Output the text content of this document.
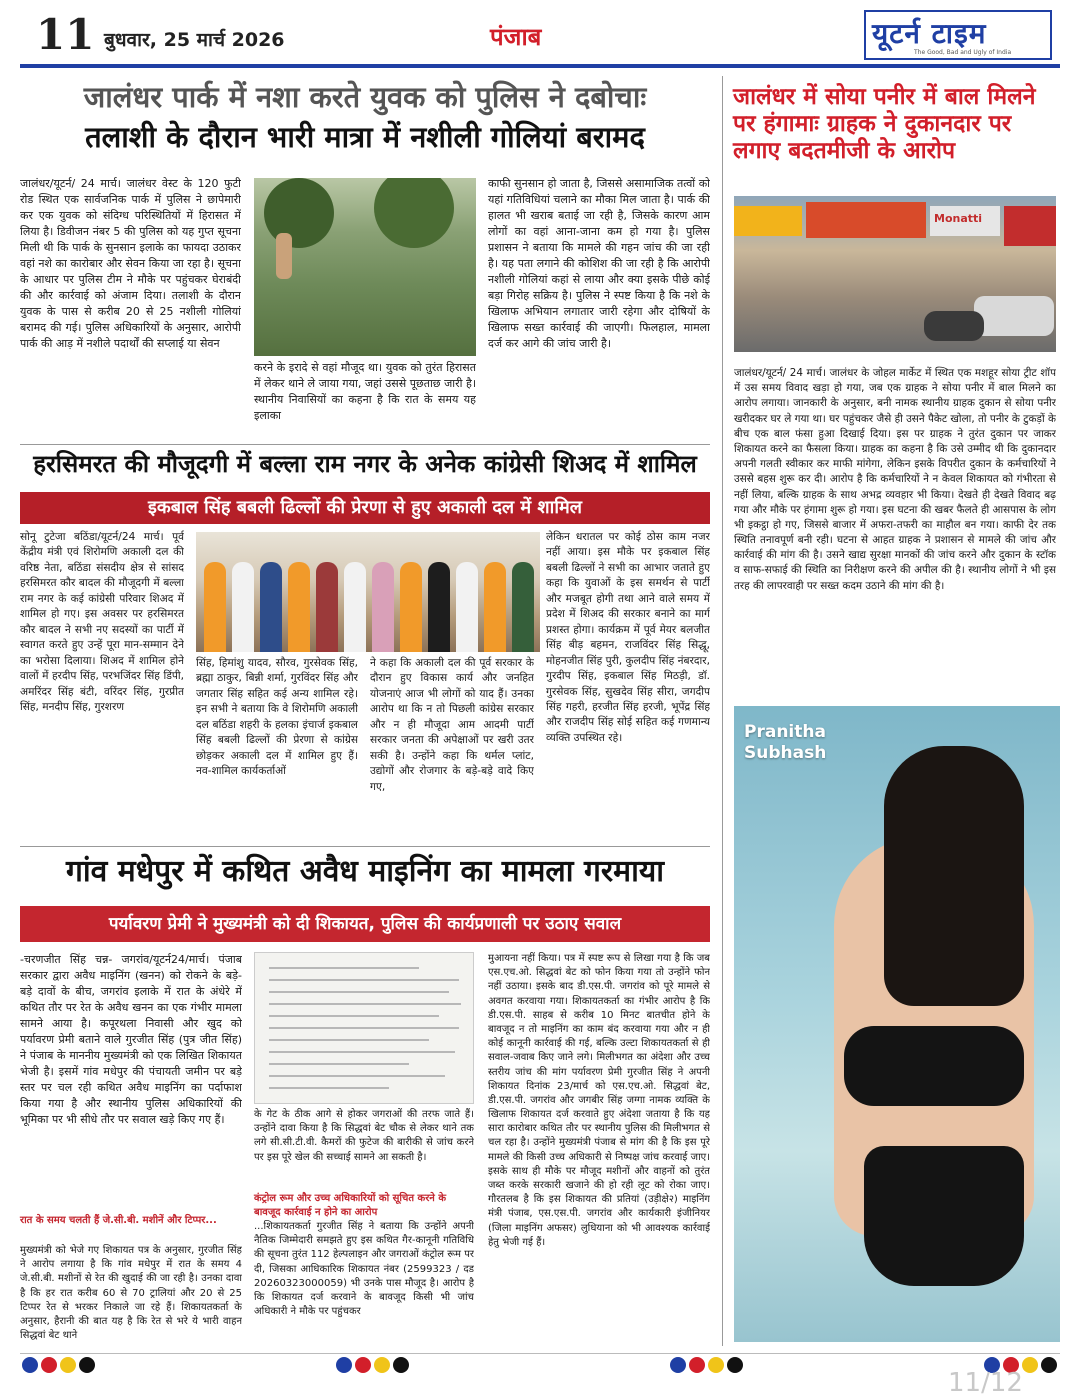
11 बुधवार, 25 मार्च 2026	पंजाब	यूटर्न टाइम
The Good, Bad and Ugly of India
जालंधर पार्क में नशा करते युवक को पुलिस ने दबोचाः
तलाशी के दौरान भारी मात्रा में नशीली गोलियां बरामद
जालंधर/यूटर्न/ 24 मार्च। जालंधर वेस्ट के 120 फुटी रोड स्थित एक सार्वजनिक पार्क में पुलिस ने छापेमारी कर एक युवक को संदिग्ध परिस्थितियों में हिरासत में लिया है। डिवीजन नंबर 5 की पुलिस को यह गुप्त सूचना मिली थी कि पार्क के सुनसान इलाके का फायदा उठाकर वहां नशे का कारोबार और सेवन किया जा रहा है। सूचना के आधार पर पुलिस टीम ने मौके पर पहुंचकर घेराबंदी की और कार्रवाई को अंजाम दिया। तलाशी के दौरान युवक के पास से करीब 20 से 25 नशीली गोलियां बरामद की गई। पुलिस अधिकारियों के अनुसार, आरोपी पार्क की आड़ में नशीले पदार्थों की सप्लाई या सेवन
करने के इरादे से वहां मौजूद था। युवक को तुरंत हिरासत में लेकर थाने ले जाया गया, जहां उससे पूछताछ जारी है। स्थानीय निवासियों का कहना है कि रात के समय यह इलाका
काफी सुनसान हो जाता है, जिससे असामाजिक तत्वों को यहां गतिविधियां चलाने का मौका मिल जाता है। पार्क की हालत भी खराब बताई जा रही है, जिसके कारण आम लोगों का वहां आना-जाना कम हो गया है। पुलिस प्रशासन ने बताया कि मामले की गहन जांच की जा रही है। यह पता लगाने की कोशिश की जा रही है कि आरोपी नशीली गोलियां कहां से लाया और क्या इसके पीछे कोई बड़ा गिरोह सक्रिय है। पुलिस ने स्पष्ट किया है कि नशे के खिलाफ अभियान लगातार जारी रहेगा और दोषियों के खिलाफ सख्त कार्रवाई की जाएगी। फिलहाल, मामला दर्ज कर आगे की जांच जारी है।
जालंधर में सोया पनीर में बाल मिलने पर हंगामाः ग्राहक ने दुकानदार पर लगाए बदतमीजी के आरोप
Monatti
जालंधर/यूटर्न/ 24 मार्च। जालंधर के जोहल मार्केट में स्थित एक मशहूर सोया ट्रीट शॉप में उस समय विवाद खड़ा हो गया, जब एक ग्राहक ने सोया पनीर में बाल मिलने का आरोप लगाया। जानकारी के अनुसार, बनी नामक स्थानीय ग्राहक दुकान से सोया पनीर खरीदकर घर ले गया था। घर पहुंचकर जैसे ही उसने पैकेट खोला, तो पनीर के टुकड़ों के बीच एक बाल फंसा हुआ दिखाई दिया। इस पर ग्राहक ने तुरंत दुकान पर जाकर शिकायत करने का फैसला किया। ग्राहक का कहना है कि उसे उम्मीद थी कि दुकानदार अपनी गलती स्वीकार कर माफी मांगेगा, लेकिन इसके विपरीत दुकान के कर्मचारियों ने उससे बहस शुरू कर दी। आरोप है कि कर्मचारियों ने न केवल शिकायत को गंभीरता से नहीं लिया, बल्कि ग्राहक के साथ अभद्र व्यवहार भी किया। देखते ही देखते विवाद बढ़ गया और मौके पर हंगामा शुरू हो गया। इस घटना की खबर फैलते ही आसपास के लोग भी इकट्ठा हो गए, जिससे बाजार में अफरा-तफरी का माहौल बन गया। काफी देर तक स्थिति तनावपूर्ण बनी रही। घटना से आहत ग्राहक ने प्रशासन से मामले की जांच और कार्रवाई की मांग की है। उसने खाद्य सुरक्षा मानकों की जांच करने और दुकान के स्टॉक व साफ-सफाई की स्थिति का निरीक्षण करने की अपील की है। स्थानीय लोगों ने भी इस तरह की लापरवाही पर सख्त कदम उठाने की मांग की है।
Pranitha
Subhash
हरसिमरत की मौजूदगी में बल्ला राम नगर के अनेक कांग्रेसी शिअद में शामिल
इकबाल सिंह बबली ढिल्लों की प्रेरणा से हुए अकाली दल में शामिल
सोनू टुटेजा बठिंडा/यूटर्न/24 मार्च। पूर्व केंद्रीय मंत्री एवं शिरोमणि अकाली दल की वरिष्ठ नेता, बठिंडा संसदीय क्षेत्र से सांसद हरसिमरत कौर बादल की मौजूदगी में बल्ला राम नगर के कई कांग्रेसी परिवार शिअद में शामिल हो गए। इस अवसर पर हरसिमरत कौर बादल ने सभी नए सदस्यों का पार्टी में स्वागत करते हुए उन्हें पूरा मान-सम्मान देने का भरोसा दिलाया। शिअद में शामिल होने वालों में हरदीप सिंह, परभजिंदर सिंह डिंपी, अमरिंदर सिंह बंटी, वरिंदर सिंह, गुरप्रीत सिंह, मनदीप सिंह, गुरशरण
सिंह, हिमांशु यादव, सौरव, गुरसेवक सिंह, ब्रह्मा ठाकुर, बिन्नी शर्मा, गुरविंदर सिंह और जगतार सिंह सहित कई अन्य शामिल रहे। इन सभी ने बताया कि वे शिरोमणि अकाली दल बठिंडा शहरी के हलका इंचार्ज इकबाल सिंह बबली ढिल्लों की प्रेरणा से कांग्रेस छोड़कर अकाली दल में शामिल हुए हैं। नव-शामिल कार्यकर्ताओं
ने कहा कि अकाली दल की पूर्व सरकार के दौरान हुए विकास कार्य और जनहित योजनाएं आज भी लोगों को याद हैं। उनका आरोप था कि न तो पिछली कांग्रेस सरकार और न ही मौजूदा आम आदमी पार्टी सरकार जनता की अपेक्षाओं पर खरी उतर सकी है। उन्होंने कहा कि थर्मल प्लांट, उद्योगों और रोजगार के बड़े-बड़े वादे किए गए,
लेकिन धरातल पर कोई ठोस काम नजर नहीं आया। इस मौके पर इकबाल सिंह बबली ढिल्लों ने सभी का आभार जताते हुए कहा कि युवाओं के इस समर्थन से पार्टी और मजबूत होगी तथा आने वाले समय में प्रदेश में शिअद की सरकार बनाने का मार्ग प्रशस्त होगा। कार्यक्रम में पूर्व मेयर बलजीत सिंह बीड़ बहमन, राजविंदर सिंह सिद्धू, मोहनजीत सिंह पुरी, कुलदीप सिंह नंबरदार, गुरदीप सिंह, इकबाल सिंह मिठड़ी, डॉ. गुरसेवक सिंह, सुखदेव सिंह सीरा, जगदीप सिंह गहरी, हरजीत सिंह हरजी, भूपेंद्र सिंह और राजदीप सिंह सोई सहित कई गणमान्य व्यक्ति उपस्थित रहे।
गांव मधेपुर में कथित अवैध माइनिंग का मामला गरमाया
पर्यावरण प्रेमी ने मुख्यमंत्री को दी शिकायत, पुलिस की कार्यप्रणाली पर उठाए सवाल
-चरणजीत सिंह चन्न- जगरांव/यूटर्न24/मार्च। पंजाब सरकार द्वारा अवैध माइनिंग (खनन) को रोकने के बड़े-बड़े दावों के बीच, जगरांव इलाके में रात के अंधेरे में कथित तौर पर रेत के अवैध खनन का एक गंभीर मामला सामने आया है। कपूरथला निवासी और खुद को पर्यावरण प्रेमी बताने वाले गुरजीत सिंह (पुत्र जीत सिंह) ने पंजाब के माननीय मुख्यमंत्री को एक लिखित शिकायत भेजी है। इसमें गांव मधेपुर की पंचायती जमीन पर बड़े स्तर पर चल रही कथित अवैध माइनिंग का पर्दाफाश किया गया है और स्थानीय पुलिस अधिकारियों की भूमिका पर भी सीधे तौर पर सवाल खड़े किए गए हैं।
रात के समय चलती हैं जे.सी.बी. मशीनें और टिप्पर...
मुख्यमंत्री को भेजे गए शिकायत पत्र के अनुसार, गुरजीत सिंह ने आरोप लगाया है कि गांव मधेपुर में रात के समय 4 जे.सी.बी. मशीनों से रेत की खुदाई की जा रही है। उनका दावा है कि हर रात करीब 60 से 70 ट्रालियां और 20 से 25 टिप्पर रेत से भरकर निकाले जा रहे हैं। शिकायतकर्ता के अनुसार, हैरानी की बात यह है कि रेत से भरे ये भारी वाहन सिद्धवां बेट थाने
के गेट के ठीक आगे से होकर जगराओं की तरफ जाते हैं। उन्होंने दावा किया है कि सिद्धवां बेट चौक से लेकर थाने तक लगे सी.सी.टी.वी. कैमरों की फुटेज की बारीकी से जांच करने पर इस पूरे खेल की सच्चाई सामने आ सकती है।
कंट्रोल रूम और उच्च अधिकारियों को सूचित करने के बावजूद कार्रवाई न होने का आरोप
...शिकायतकर्ता गुरजीत सिंह ने बताया कि उन्होंने अपनी नैतिक जिम्मेदारी समझते हुए इस कथित गैर-कानूनी गतिविधि की सूचना तुरंत 112 हेल्पलाइन और जगराओं कंट्रोल रूम पर दी, जिसका आधिकारिक शिकायत नंबर (2599323 / दड 20260323000059) भी उनके पास मौजूद है। आरोप है कि शिकायत दर्ज करवाने के बावजूद किसी भी जांच अधिकारी ने मौके पर पहुंचकर
मुआयना नहीं किया। पत्र में स्पष्ट रूप से लिखा गया है कि जब एस.एच.ओ. सिद्धवां बेट को फोन किया गया तो उन्होंने फोन नहीं उठाया। इसके बाद डी.एस.पी. जगरांव को पूरे मामले से अवगत करवाया गया। शिकायतकर्ता का गंभीर आरोप है कि डी.एस.पी. साहब से करीब 10 मिनट बातचीत होने के बावजूद न तो माइनिंग का काम बंद करवाया गया और न ही कोई कानूनी कार्रवाई की गई, बल्कि उल्टा शिकायतकर्ता से ही सवाल-जवाब किए जाने लगे। मिलीभगत का अंदेशा और उच्च स्तरीय जांच की मांग पर्यावरण प्रेमी गुरजीत सिंह ने अपनी शिकायत दिनांक 23/मार्च को एस.एच.ओ. सिद्धवां बेट, डी.एस.पी. जगरांव और जगबीर सिंह जग्गा नामक व्यक्ति के खिलाफ शिकायत दर्ज करवाते हुए अंदेशा जताया है कि यह सारा कारोबार कथित तौर पर स्थानीय पुलिस की मिलीभगत से चल रहा है। उन्होंने मुख्यमंत्री पंजाब से मांग की है कि इस पूरे मामले की किसी उच्च अधिकारी से निष्पक्ष जांच करवाई जाए। इसके साथ ही मौके पर मौजूद मशीनों और वाहनों को तुरंत जब्त करके सरकारी खजाने की हो रही लूट को रोका जाए। गौरतलब है कि इस शिकायत की प्रतियां (उड़ीक्षे२) माइनिंग मंत्री पंजाब, एस.एस.पी. जगरांव और कार्यकारी इंजीनियर (जिला माइनिंग अफसर) लुधियाना को भी आवश्यक कार्रवाई हेतु भेजी गई हैं।
11/12
